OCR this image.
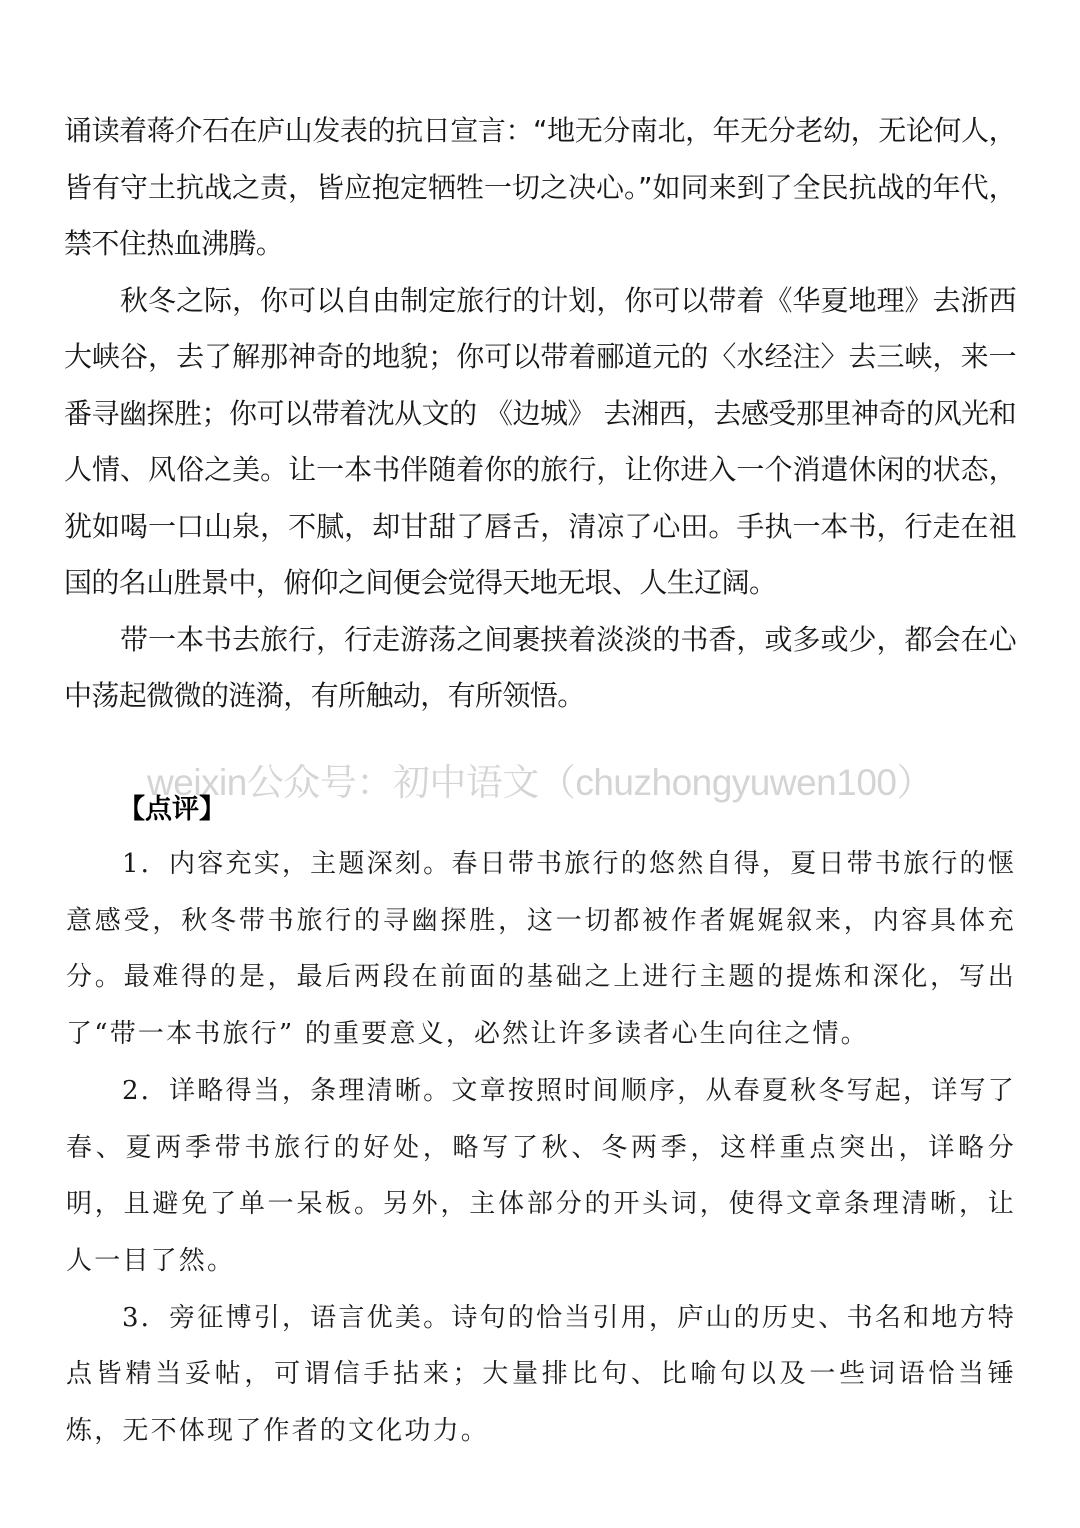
诵读着蒋介石在庐山发表的抗日宣言：“地无分南北，年无分老幼，无论何人，皆有守土抗战之责，皆应抱定牺牲一切之决心。”如同来到了全民抗战的年代，禁不住热血沸腾。

秋冬之际，你可以自由制定旅行的计划，你可以带着《华夏地理》去浙西大峡谷，去了解那神奇的地貌；你可以带着郦道元的〈水经注〉去三峡，来一番寻幽探胜；你可以带着沈从文的 《边城》 去湘西，去感受那里神奇的风光和人情、风俗之美。让一本书伴随着你的旅行，让你进入一个消遣休闲的状态，犹如喝一口山泉，不腻，却甘甜了唇舌，清凉了心田。手执一本书，行走在祖国的名山胜景中，俯仰之间便会觉得天地无垠、人生辽阔。

带一本书去旅行，行走游荡之间裹挟着淡淡的书香，或多或少，都会在心中荡起微微的涟漪，有所触动，有所领悟。

weixin公众号：初中语文（chuzhongyuwen100）
【点评】

1．内容充实，主题深刻。春日带书旅行的悠然自得，夏日带书旅行的惬意感受，秋冬带书旅行的寻幽探胜，这一切都被作者娓娓叙来，内容具体充分。最难得的是，最后两段在前面的基础之上进行主题的提炼和深化，写出了“带一本书旅行” 的重要意义，必然让许多读者心生向往之情。

2．详略得当，条理清晰。文章按照时间顺序，从春夏秋冬写起，详写了春、夏两季带书旅行的好处，略写了秋、冬两季，这样重点突出，详略分明，且避免了单一呆板。另外，主体部分的开头词，使得文章条理清晰，让人一目了然。

3．旁征博引，语言优美。诗句的恰当引用，庐山的历史、书名和地方特点皆精当妥帖，可谓信手拈来；大量排比句、比喻句以及一些词语恰当锤炼，无不体现了作者的文化功力。
